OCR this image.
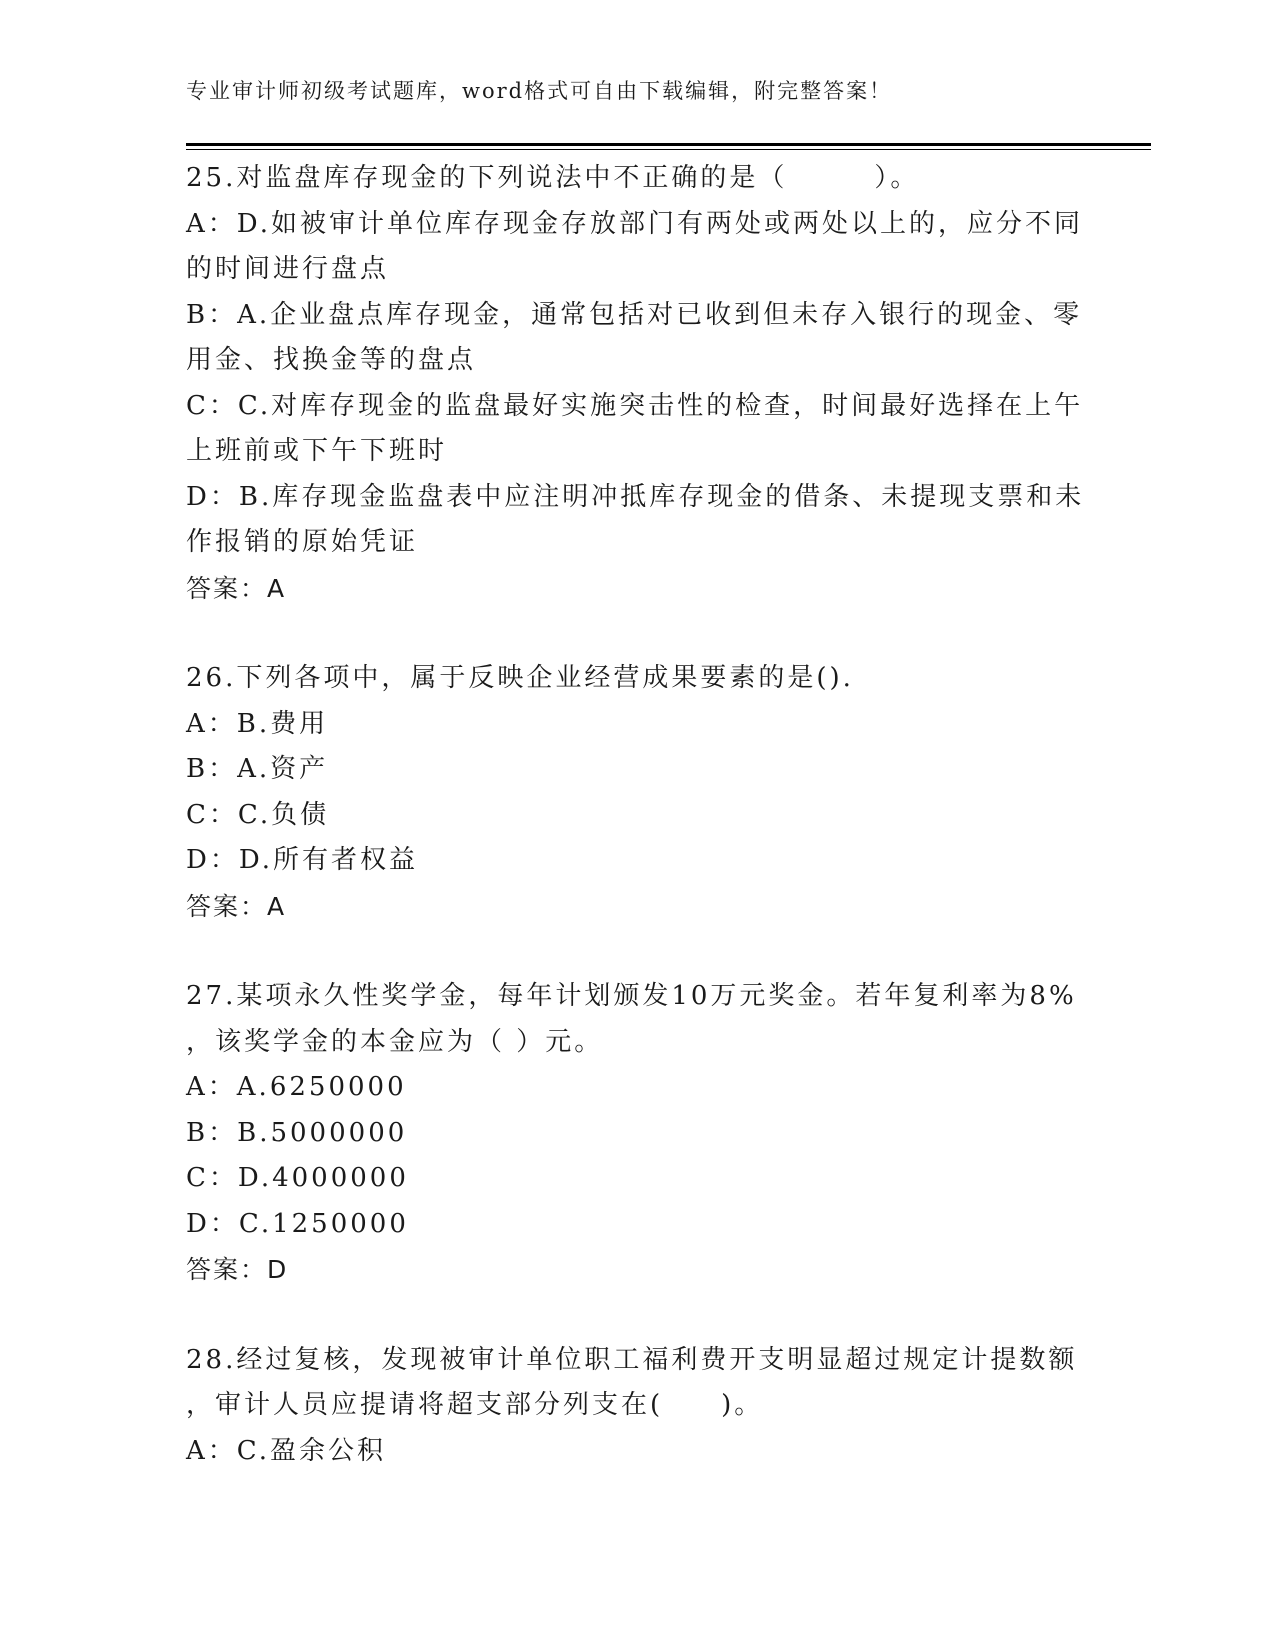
专业审计师初级考试题库，word格式可自由下载编辑，附完整答案！
25.对监盘库存现金的下列说法中不正确的是（　　　）。
A：D.如被审计单位库存现金存放部门有两处或两处以上的，应分不同
的时间进行盘点
B：A.企业盘点库存现金，通常包括对已收到但未存入银行的现金、零
用金、找换金等的盘点
C：C.对库存现金的监盘最好实施突击性的检查，时间最好选择在上午
上班前或下午下班时
D：B.库存现金监盘表中应注明冲抵库存现金的借条、未提现支票和未
作报销的原始凭证
答案：A
26.下列各项中，属于反映企业经营成果要素的是().
A：B.费用
B：A.资产
C：C.负债
D：D.所有者权益
答案：A
27.某项永久性奖学金，每年计划颁发10万元奖金。若年复利率为8%
，该奖学金的本金应为（ ）元。
A：A.6250000
B：B.5000000
C：D.4000000
D：C.1250000
答案：D
28.经过复核，发现被审计单位职工福利费开支明显超过规定计提数额
，审计人员应提请将超支部分列支在(　　)。
A：C.盈余公积
